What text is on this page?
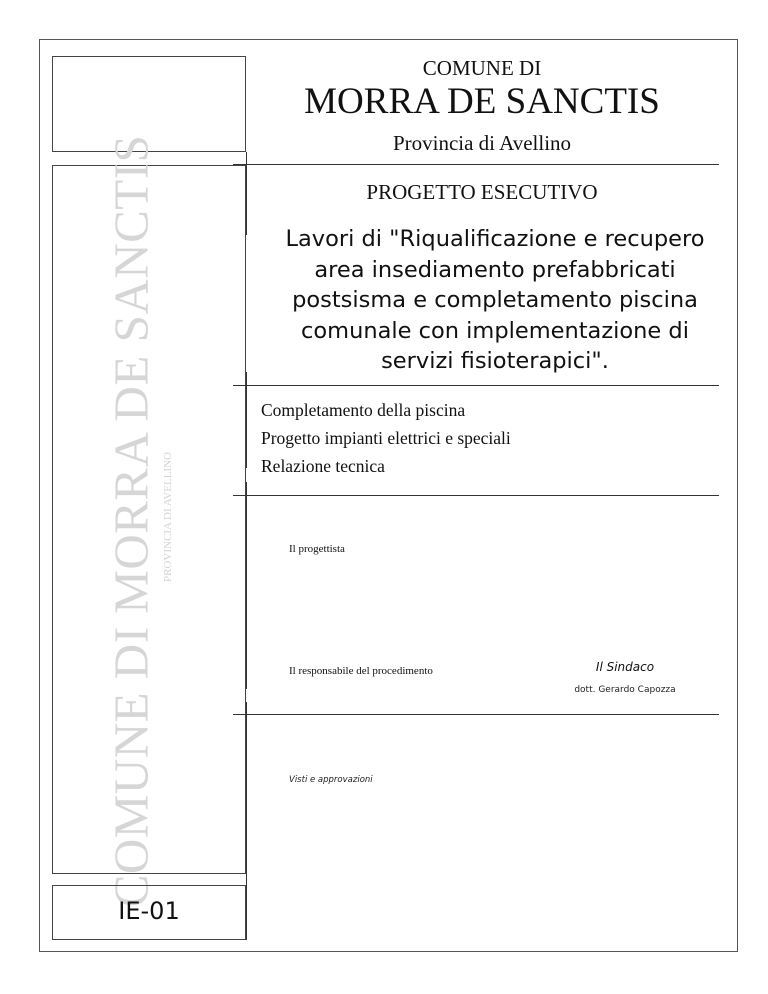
COMUNE DI MORRA DE SANCTIS PROVINCIA DI AVELLINO
IE-01
COMUNE DI
MORRA DE SANCTIS
Provincia di Avellino
PROGETTO ESECUTIVO
Lavori di "Riqualificazione e recupero
area insediamento prefabbricati
postsisma e completamento piscina
comunale con implementazione di
servizi fisioterapici".
Completamento della piscina
Progetto impianti elettrici e speciali
Relazione tecnica
Il progettista
Il responsabile del procedimento	Il Sindaco
dott. Gerardo Capozza
Visti e approvazioni
